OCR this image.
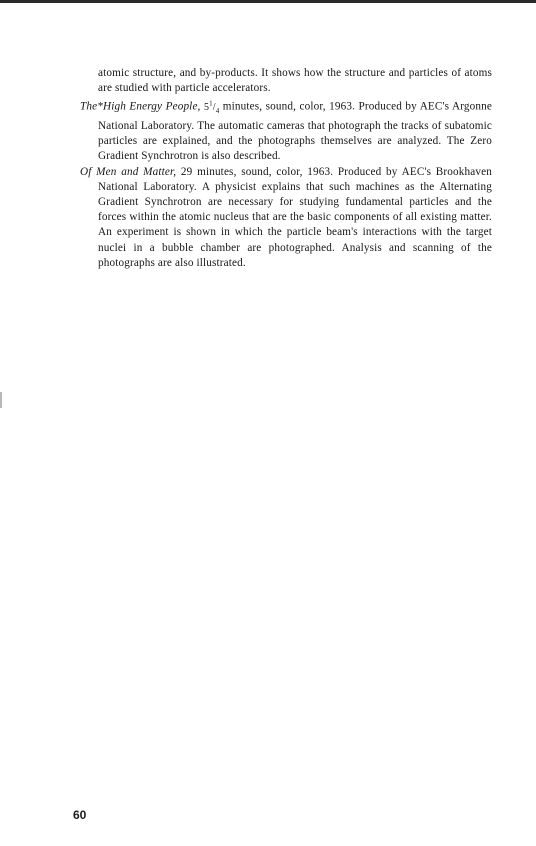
atomic structure, and by-products. It shows how the structure and particles of atoms are studied with particle accelerators.

The*High Energy People, $5^1/_4$ minutes, sound, color, 1963. Produced by AEC's Argonne National Laboratory. The automatic cameras that photograph the tracks of subatomic particles are explained, and the photographs themselves are analyzed. The Zero Gradient Synchrotron is also described.

Of Men and Matter, 29 minutes, sound, color, 1963. Produced by AEC's Brookhaven National Laboratory. A physicist explains that such machines as the Alternating Gradient Synchrotron are necessary for studying fundamental particles and the forces within the atomic nucleus that are the basic components of all existing matter. An experiment is shown in which the particle beam's interactions with the target nuclei in a bubble chamber are photographed. Analysis and scanning of the photographs are also illustrated.

60
